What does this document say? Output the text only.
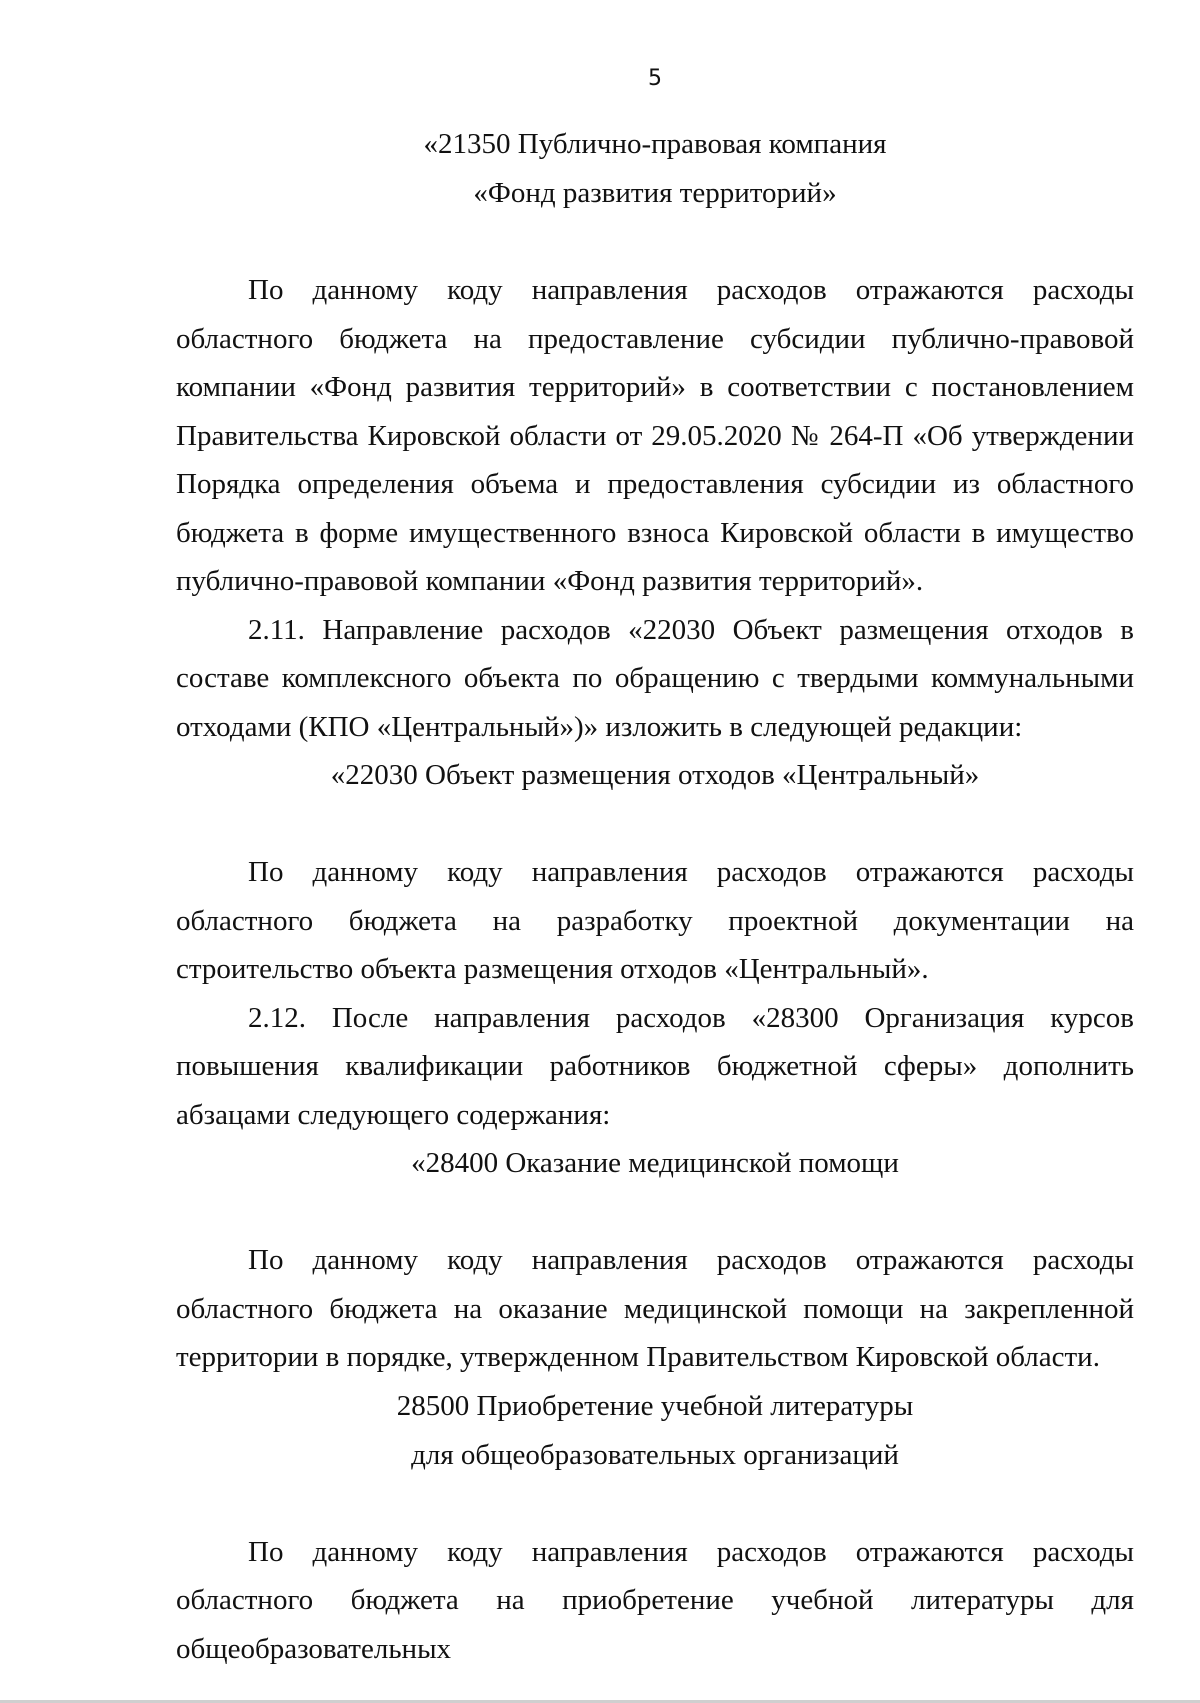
5
«21350 Публично-правовая компания
«Фонд развития территорий»

По данному коду направления расходов отражаются расходы областного бюджета на предоставление субсидии публично-правовой компании «Фонд развития территорий» в соответствии с постановлением Правительства Кировской области от 29.05.2020 № 264-П «Об утверждении Порядка определения объема и предоставления субсидии из областного бюджета в форме имущественного взноса Кировской области в имущество публично-правовой компании «Фонд развития территорий».

2.11. Направление расходов «22030 Объект размещения отходов в составе комплексного объекта по обращению с твердыми коммунальными отходами (КПО «Центральный»)» изложить в следующей редакции:

«22030 Объект размещения отходов «Центральный»

По данному коду направления расходов отражаются расходы областного бюджета на разработку проектной документации на строительство объекта размещения отходов «Центральный».

2.12. После направления расходов «28300 Организация курсов повышения квалификации работников бюджетной сферы» дополнить абзацами следующего содержания:

«28400 Оказание медицинской помощи

По данному коду направления расходов отражаются расходы областного бюджета на оказание медицинской помощи на закрепленной территории в порядке, утвержденном Правительством Кировской области.

28500 Приобретение учебной литературы
для общеобразовательных организаций

По данному коду направления расходов отражаются расходы областного бюджета на приобретение учебной литературы для общеобразовательных
